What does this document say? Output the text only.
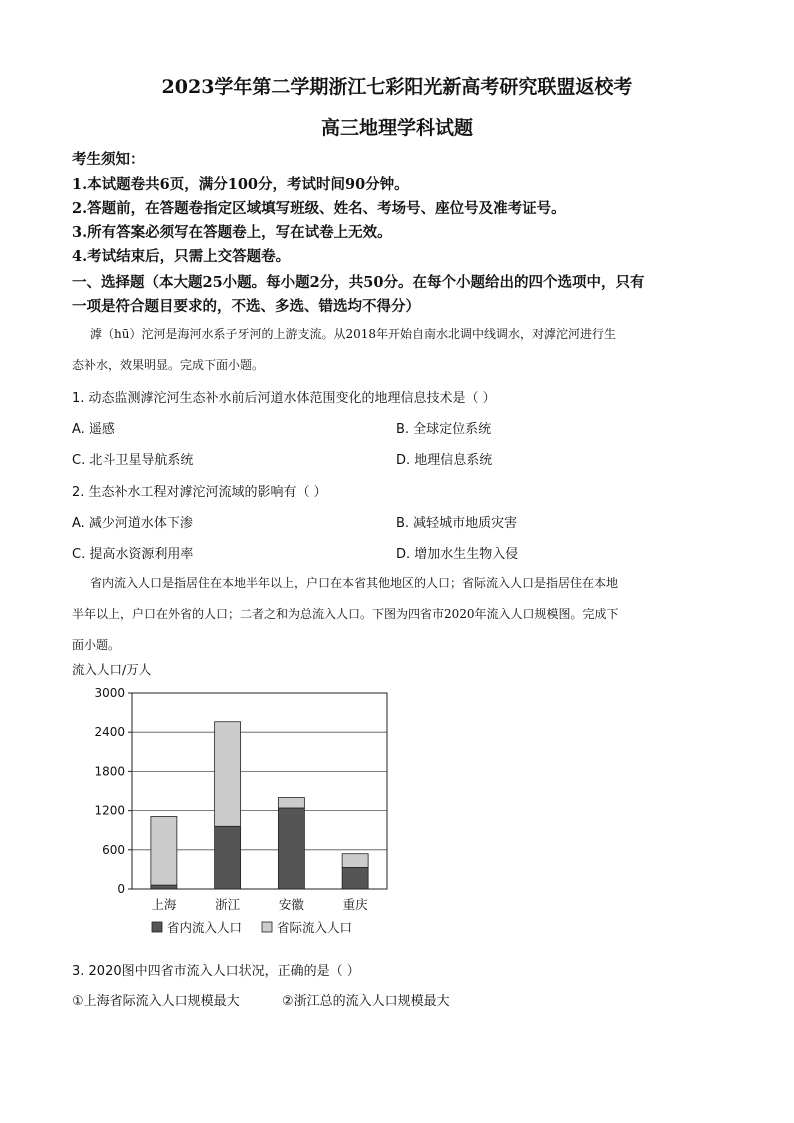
2023学年第二学期浙江七彩阳光新高考研究联盟返校考
高三地理学科试题
考生须知：
1.本试题卷共6页，满分100分，考试时间90分钟。
2.答题前，在答题卷指定区域填写班级、姓名、考场号、座位号及准考证号。
3.所有答案必须写在答题卷上，写在试卷上无效。
4.考试结束后，只需上交答题卷。
一、选择题（本大题25小题。每小题2分，共50分。在每个小题给出的四个选项中，只有
一项是符合题目要求的，不选、多选、错选均不得分）
滹（hū）沱河是海河水系子牙河的上游支流。从2018年开始自南水北调中线调水，对滹沱河进行生
态补水，效果明显。完成下面小题。
1. 动态监测滹沱河生态补水前后河道水体范围变化的地理信息技术是（ ）
A. 遥感	B. 全球定位系统
C. 北斗卫星导航系统	D. 地理信息系统
2. 生态补水工程对滹沱河流域的影响有（ ）
A. 减少河道水体下渗	B. 减轻城市地质灾害
C. 提高水资源利用率	D. 增加水生生物入侵
省内流入人口是指居住在本地半年以上，户口在本省其他地区的人口；省际流入人口是指居住在本地
半年以上，户口在外省的人口；二者之和为总流入人口。下图为四省市2020年流入人口规模图。完成下
面小题。
流入人口/万人
0
600
1200
1800
2400
3000
上海	浙江	安徽	重庆
省内流入人口	省际流入人口
3. 2020图中四省市流入人口状况，正确的是（ ）
①上海省际流入人口规模最大	②浙江总的流入人口规模最大
